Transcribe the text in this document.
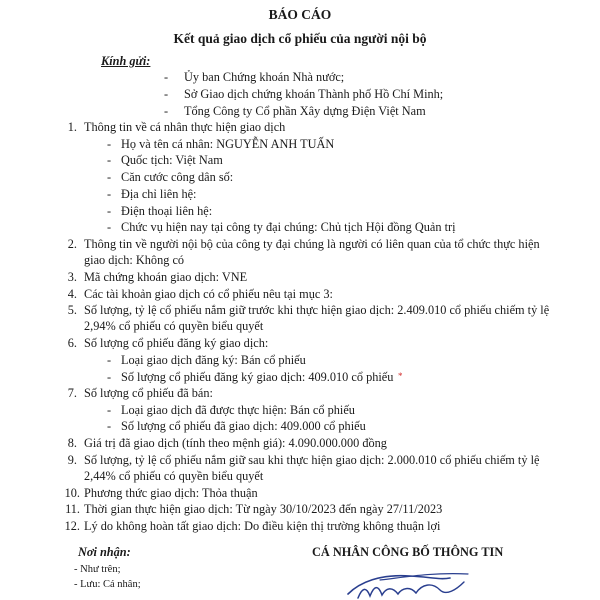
BÁO CÁO
Kết quả giao dịch cổ phiếu của người nội bộ
Kính gửi:
- Ủy ban Chứng khoán Nhà nước;
- Sở Giao dịch chứng khoán Thành phố Hồ Chí Minh;
- Tổng Công ty Cổ phần Xây dựng Điện Việt Nam
1. Thông tin về cá nhân thực hiện giao dịch
- Họ và tên cá nhân: NGUYỄN ANH TUẤN
- Quốc tịch: Việt Nam
- Căn cước công dân số:
- Địa chỉ liên hệ:
- Điện thoại liên hệ:
- Chức vụ hiện nay tại công ty đại chúng: Chủ tịch Hội đồng Quản trị
2. Thông tin về người nội bộ của công ty đại chúng là người có liên quan của tổ chức thực hiện
giao dịch: Không có
3. Mã chứng khoán giao dịch: VNE
4. Các tài khoản giao dịch có cổ phiếu nêu tại mục 3:
5. Số lượng, tỷ lệ cổ phiếu nắm giữ trước khi thực hiện giao dịch: 2.409.010 cổ phiếu chiếm tỷ lệ
2,94% cổ phiếu có quyền biểu quyết
6. Số lượng cổ phiếu đăng ký giao dịch:
- Loại giao dịch đăng ký: Bán cổ phiếu
- Số lượng cổ phiếu đăng ký giao dịch: 409.010 cổ phiếu *
7. Số lượng cổ phiếu đã bán:
- Loại giao dịch đã được thực hiện: Bán cổ phiếu
- Số lượng cổ phiếu đã giao dịch: 409.000 cổ phiếu
8. Giá trị đã giao dịch (tính theo mệnh giá): 4.090.000.000 đồng
9. Số lượng, tỷ lệ cổ phiếu nắm giữ sau khi thực hiện giao dịch: 2.000.010 cổ phiếu chiếm tỷ lệ
2,44% cổ phiếu có quyền biểu quyết
10. Phương thức giao dịch: Thỏa thuận
11. Thời gian thực hiện giao dịch: Từ ngày 30/10/2023 đến ngày 27/11/2023
12. Lý do không hoàn tất giao dịch: Do điều kiện thị trường không thuận lợi
Nơi nhận:
- Như trên;
- Lưu: Cá nhân;
CÁ NHÂN CÔNG BỐ THÔNG TIN
